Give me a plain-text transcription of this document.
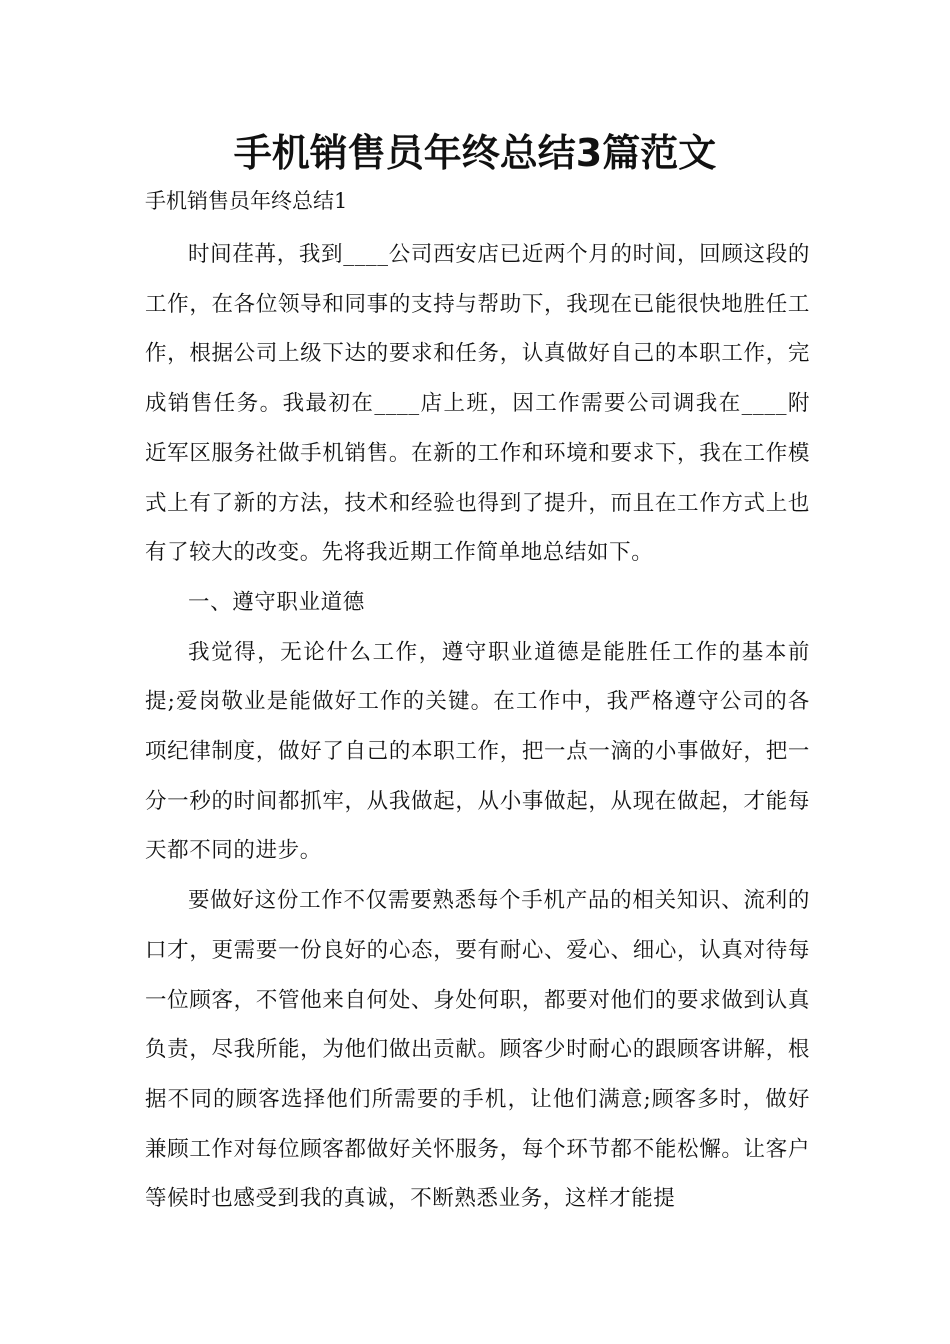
手机销售员年终总结3篇范文
手机销售员年终总结1

时间荏苒，我到____公司西安店已近两个月的时间，回顾这段的工作，在各位领导和同事的支持与帮助下，我现在已能很快地胜任工作，根据公司上级下达的要求和任务，认真做好自己的本职工作，完成销售任务。我最初在____店上班，因工作需要公司调我在____附近军区服务社做手机销售。在新的工作和环境和要求下，我在工作模式上有了新的方法，技术和经验也得到了提升，而且在工作方式上也有了较大的改变。先将我近期工作简单地总结如下。

一、遵守职业道德

我觉得，无论什么工作，遵守职业道德是能胜任工作的基本前提;爱岗敬业是能做好工作的关键。在工作中，我严格遵守公司的各项纪律制度，做好了自己的本职工作，把一点一滴的小事做好，把一分一秒的时间都抓牢，从我做起，从小事做起，从现在做起，才能每天都不同的进步。

要做好这份工作不仅需要熟悉每个手机产品的相关知识、流利的口才，更需要一份良好的心态，要有耐心、爱心、细心，认真对待每一位顾客，不管他来自何处、身处何职，都要对他们的要求做到认真负责，尽我所能，为他们做出贡献。顾客少时耐心的跟顾客讲解，根据不同的顾客选择他们所需要的手机，让他们满意;顾客多时，做好兼顾工作对每位顾客都做好关怀服务，每个环节都不能松懈。让客户等候时也感受到我的真诚，不断熟悉业务，这样才能提
